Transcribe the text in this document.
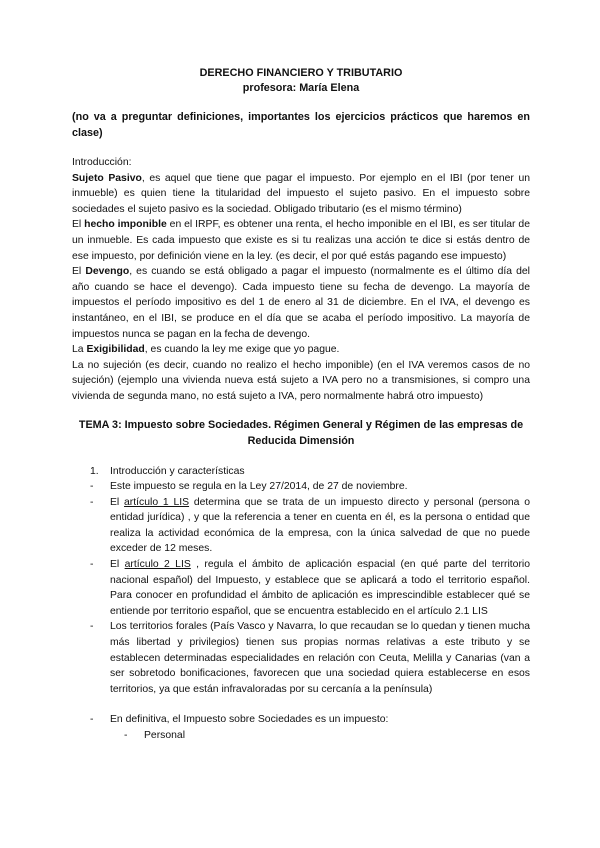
DERECHO FINANCIERO Y TRIBUTARIO
profesora: María Elena

(no va a preguntar definiciones, importantes los ejercicios prácticos que haremos en clase)

Introducción:

Sujeto Pasivo, es aquel que tiene que pagar el impuesto. Por ejemplo en el IBI (por tener un inmueble) es quien tiene la titularidad del impuesto el sujeto pasivo. En el impuesto sobre sociedades el sujeto pasivo es la sociedad. Obligado tributario (es el mismo término)

El hecho imponible en el IRPF, es obtener una renta, el hecho imponible en el IBI, es ser titular de un inmueble. Es cada impuesto que existe es si tu realizas una acción te dice si estás dentro de ese impuesto, por definición viene en la ley. (es decir, el por qué estás pagando ese impuesto)

El Devengo, es cuando se está obligado a pagar el impuesto (normalmente es el último día del año cuando se hace el devengo). Cada impuesto tiene su fecha de devengo. La mayoría de impuestos el período impositivo es del 1 de enero al 31 de diciembre. En el IVA, el devengo es instantáneo, en el IBI, se produce en el día que se acaba el período impositivo. La mayoría de impuestos nunca se pagan en la fecha de devengo.

La Exigibilidad, es cuando la ley me exige que yo pague.

La no sujeción (es decir, cuando no realizo el hecho imponible) (en el IVA veremos casos de no sujeción) (ejemplo una vivienda nueva está sujeto a IVA pero no a transmisiones, si compro una vivienda de segunda mano, no está sujeto a IVA, pero normalmente habrá otro impuesto)

TEMA 3: Impuesto sobre Sociedades. Régimen General y Régimen de las empresas de Reducida Dimensión
1. Introducción y características
- Este impuesto se regula en la Ley 27/2014, de 27 de noviembre.
- El artículo 1 LIS determina que se trata de un impuesto directo y personal (persona o entidad jurídica) , y que la referencia a tener en cuenta en él, es la persona o entidad que realiza la actividad económica de la empresa, con la única salvedad de que no puede exceder de 12 meses.
- El artículo 2 LIS , regula el ámbito de aplicación espacial (en qué parte del territorio nacional español) del Impuesto, y establece que se aplicará a todo el territorio español. Para conocer en profundidad el ámbito de aplicación es imprescindible establecer qué se entiende por territorio español, que se encuentra establecido en el artículo 2.1 LIS
- Los territorios forales (País Vasco y Navarra, lo que recaudan se lo quedan y tienen mucha más libertad y privilegios) tienen sus propias normas relativas a este tributo y se establecen determinadas especialidades en relación con Ceuta, Melilla y Canarias (van a ser sobretodo bonificaciones, favorecen que una sociedad quiera establecerse en esos territorios, ya que están infravaloradas por su cercanía a la península)
- En definitiva, el Impuesto sobre Sociedades es un impuesto:
- Personal
